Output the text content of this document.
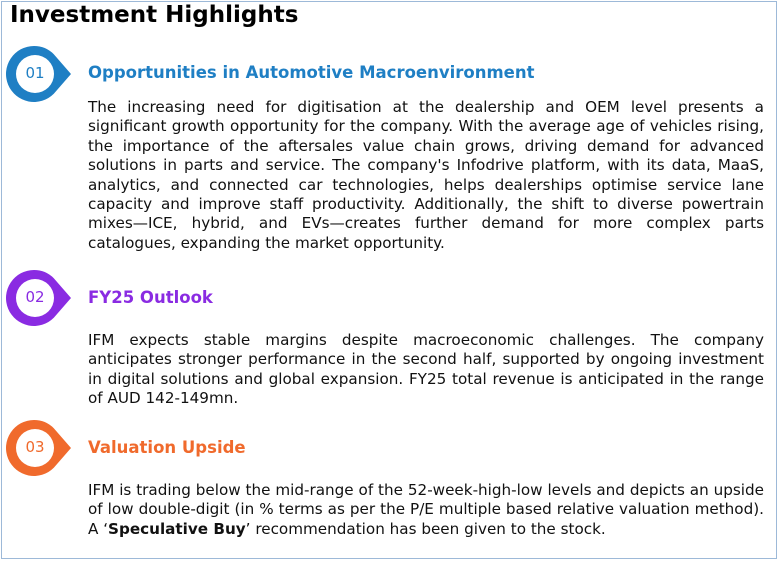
Investment Highlights
01	Opportunities in Automotive Macroenvironment

The increasing need for digitisation at the dealership and OEM level presents a significant growth opportunity for the company. With the average age of vehicles rising, the importance of the aftersales value chain grows, driving demand for advanced solutions in parts and service. The company's Infodrive platform, with its data, MaaS, analytics, and connected car technologies, helps dealerships optimise service lane capacity and improve staff productivity. Additionally, the shift to diverse powertrain mixes—ICE, hybrid, and EVs—creates further demand for more complex parts catalogues, expanding the market opportunity.

02	FY25 Outlook

IFM expects stable margins despite macroeconomic challenges. The company anticipates stronger performance in the second half, supported by ongoing investment in digital solutions and global expansion. FY25 total revenue is anticipated in the range of AUD 142-149mn.

03	Valuation Upside

IFM is trading below the mid-range of the 52-week-high-low levels and depicts an upside of low double-digit (in % terms as per the P/E multiple based relative valuation method). A ‘Speculative Buy’ recommendation has been given to the stock.
